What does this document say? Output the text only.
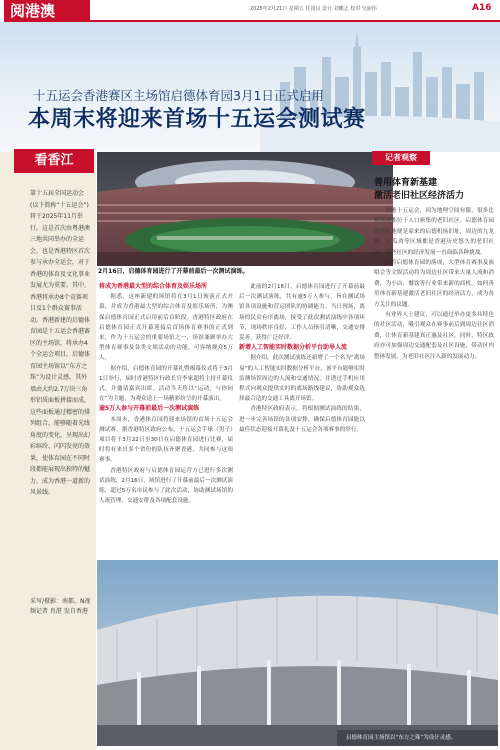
阅港澳	2025年2月21日 星期五 任国良 设计 刘鹏志 校对 吴丽伟	A16
十五运会香港赛区主场馆启德体育园3月1日正式启用
本周末将迎来首场十五运会测试赛
看香江
第十五届全国运动会(以下简称“十五运会”)将于2025年11月举行，这是首次由粤港澳三地共同举办的全运会，也是香港特区首次参与承办全运会，对于香港的体育及文化事业发展尤为重要。其中，香港将承办8个竞赛项目及1个群众赛事活动。香港新建的启德体育园是十五运会香港赛区的主场馆，将承办4个全运会项目，启德体育园主场馆以“东方之珠”为设计灵感，其外墙由大约2.7万块三角形铝质面板拼接而成，这些面板通过精密的排列组合，能够随着光线角度的变化，呈现出幻彩缤纷、闪闪发亮的效果，使体育园在不同时段都能展现出独特的魅力，成为香港一道新的风景线。
采写/摄影：南都、N视频记者 肖湛 发自香港
2月16日，启德体育园进行了开幕前最后一次测试演练。
将成为香港最大型的综合体育及娱乐场所

据悉，这座新建的场馆将在3月1日预演正式开幕，并成为香港最大型的综合体育及娱乐场所，为澳保启德体育园正式启用前后首阶段。香港特区政府在启德体育园正式开幕迎接后首场体育赛事的正式到来，作为十五运会的重要场馆之一，场馆兼顾举办大型体育赛事及各类文娱活动的功能，可容纳观众5万人。

据介绍，启德体育园的开幕礼暨揭幕仪式将于3月1日举行，届时香港特区行政长官李家超将主持开幕仪式，并邀请嘉宾出席。活动当天将以“运动，与你同在”为主题，为观众送上一场精彩纷呈的开幕演出。

逾5万人参与开幕前最后一次测试演练

本周末，香港体育园将迎来场馆的首场十五运会测试赛，据香港特区政府公布，十五运会手球（男子）项目将于3月22日至30日在启德体育园进行比赛，届时将有来自多个省份的队伍齐聚香港，共同参与这项赛事。

香港特区政府与启德体育园运营方已进行多次测试演练，2月16日，场馆进行了开幕前最后一次测试演练，超过5万名市民参与了此次活动，协助测试场馆的人流管理、交通安排及各项配套设施。

此前的2月16日，启德体育园进行了开幕前最后一次测试演练，共有逾5万人参与，旨在测试场馆各项设施和营运团队的协调能力。当日现场，离场的民众有序离场，接受了此次测试演练中各项环节，现场秩序良好，工作人员指引清晰，交通安排妥善，获得广泛好评。

新增人工智能实时数据分析平台助导人流

据介绍，此次测试演练还新增了一个名为“离场易”的人工智能实时数据分析平台，该平台能够实时监测场馆周边的人流和交通情况，并透过手机应用程式向观众提供实时的离场路线建议，协助观众选择最合适的交通工具离开场馆。

香港特区政府表示，将根据测试演练的结果，进一步完善场馆的各项安排，确保启德体育园能以最佳状态迎接开幕礼及十五运会各项赛事的举行。

记者观察
善用体育新基建
激活老旧社区经济活力

香港十五运会，因为地理空间有限，很多比赛场地都位于人口密集的老旧社区。启德体育园的所在地便是原来的启德机场旧址，周边的九龙城、土瓜湾等区域都是香港历史悠久的老旧社区，这些社区的经济发展一直面临各种挑战。

随着启德体育园的落成，大型体育赛事及演唱会等文娱活动将为周边社区带来大量人流和消费，为小店、餐饮等行业带来新的商机。如何善用体育新基建激活老旧社区的经济活力，成为各方关注的议题。

有业界人士建议，可以通过举办更多具特色的社区活动，吸引观众在赛事前后到周边社区消费，让体育新基建真正惠及社区。同时，特区政府亦可加强周边交通配套及社区设施，带动区内整体发展，为老旧社区注入新的发展动力。

启德体育园主场馆以“东方之珠”为设计灵感。
